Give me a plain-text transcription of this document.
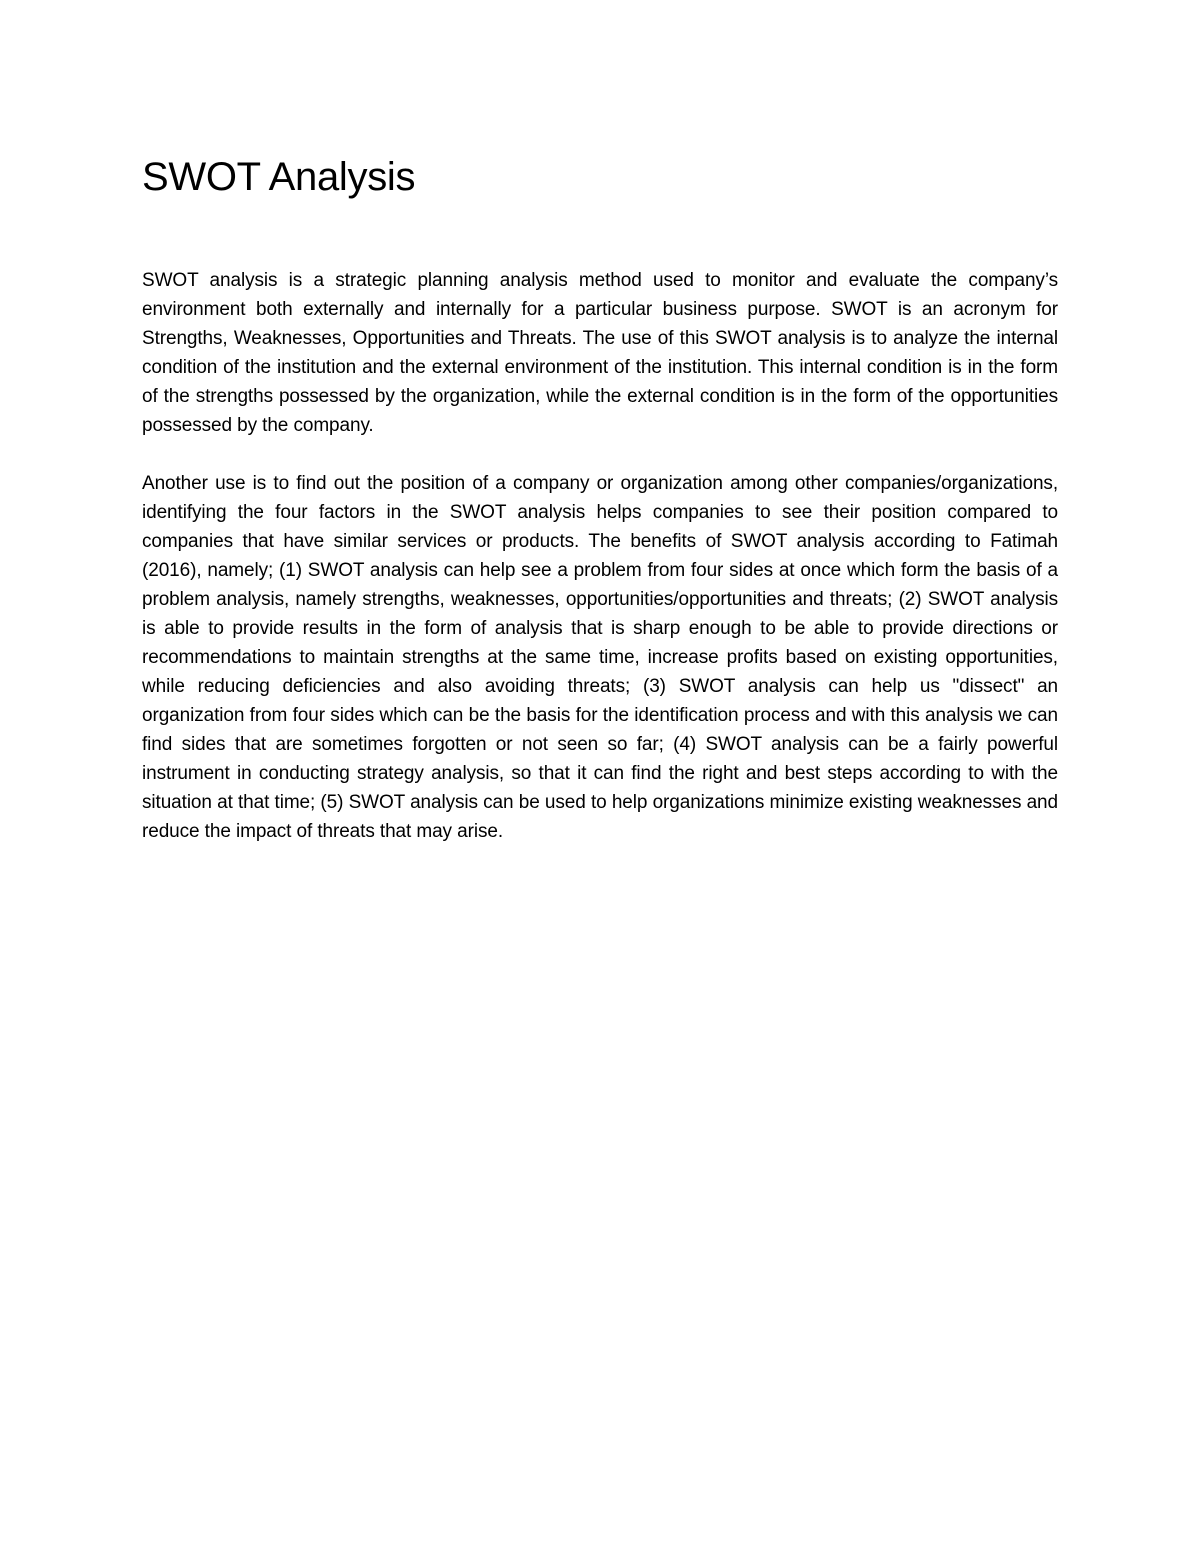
SWOT Analysis

SWOT analysis is a strategic planning analysis method used to monitor and evaluate the company’s environment both externally and internally for a particular business purpose. SWOT is an acronym for Strengths, Weaknesses, Opportunities and Threats. The use of this SWOT analysis is to analyze the internal condition of the institution and the external environment of the institution. This internal condition is in the form of the strengths possessed by the organization, while the external condition is in the form of the opportunities possessed by the company.

Another use is to find out the position of a company or organization among other companies/organizations, identifying the four factors in the SWOT analysis helps companies to see their position compared to companies that have similar services or products. The benefits of SWOT analysis according to Fatimah (2016), namely; (1) SWOT analysis can help see a problem from four sides at once which form the basis of a problem analysis, namely strengths, weaknesses, opportunities/opportunities and threats; (2) SWOT analysis is able to provide results in the form of analysis that is sharp enough to be able to provide directions or recommendations to maintain strengths at the same time, increase profits based on existing opportunities, while reducing deficiencies and also avoiding threats; (3) SWOT analysis can help us "dissect" an organization from four sides which can be the basis for the identification process and with this analysis we can find sides that are sometimes forgotten or not seen so far; (4) SWOT analysis can be a fairly powerful instrument in conducting strategy analysis, so that it can find the right and best steps according to with the situation at that time; (5) SWOT analysis can be used to help organizations minimize existing weaknesses and reduce the impact of threats that may arise.
